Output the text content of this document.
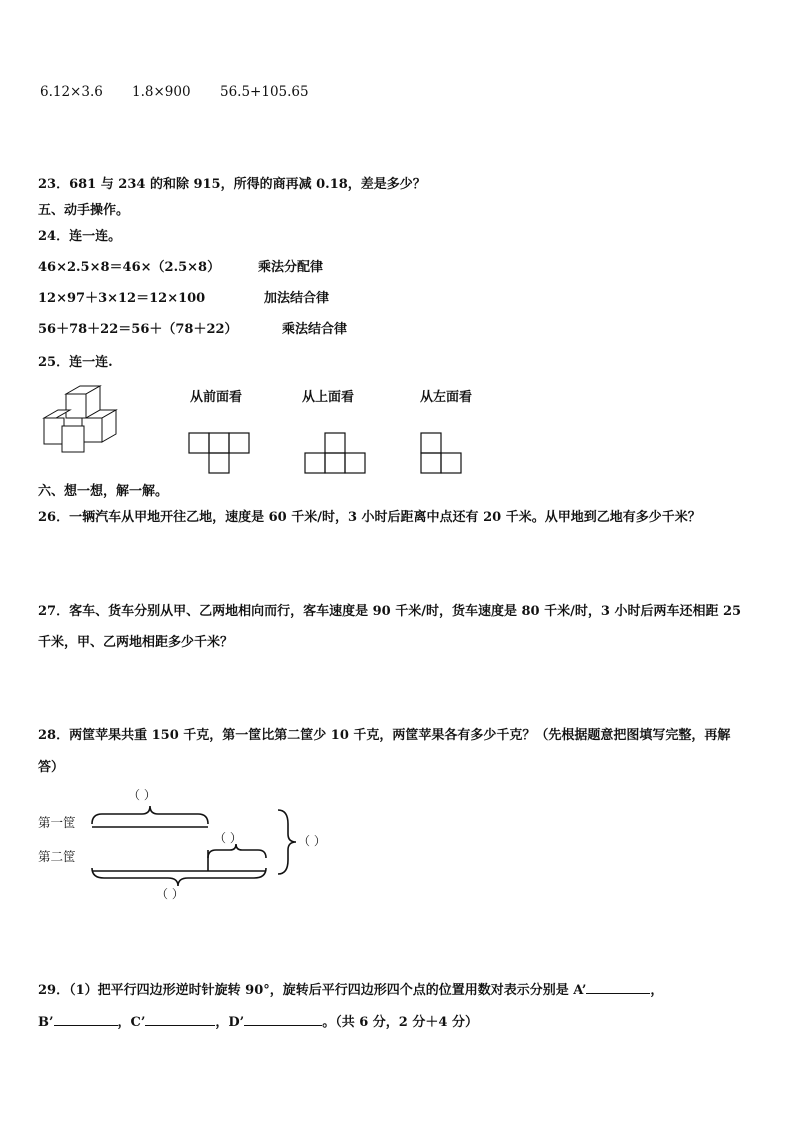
6.12×3.6 1.8×900 56.5+105.65
23．681 与 234 的和除 915，所得的商再减 0.18，差是多少？
五、动手操作。
24．连一连。
46×2.5×8＝46×（2.5×8）
12×97＋3×12＝12×100
56＋78＋22＝56＋（78＋22）
乘法分配律
加法结合律
乘法结合律
25．连一连.
从前面看	从上面看	从左面看
六、想一想，解一解。
26．一辆汽车从甲地开往乙地，速度是 60 千米/时，3 小时后距离中点还有 20 千米。从甲地到乙地有多少千米？
27．客车、货车分别从甲、乙两地相向而行，客车速度是 90 千米/时，货车速度是 80 千米/时，3 小时后两车还相距 25
千米，甲、乙两地相距多少千米？
28．两筐苹果共重 150 千克，第一筐比第二筐少 10 千克，两筐苹果各有多少千克？（先根据题意把图填写完整，再解
答）
（ ）
第一筐
第二筐
（ ）	（ ）
（ ）
29．（1）把平行四边形逆时针旋转 90°，旋转后平行四边形四个点的位置用数对表示分别是 A’	，
B’	，C’	，D’	。（共 6 分，2 分＋4 分）
